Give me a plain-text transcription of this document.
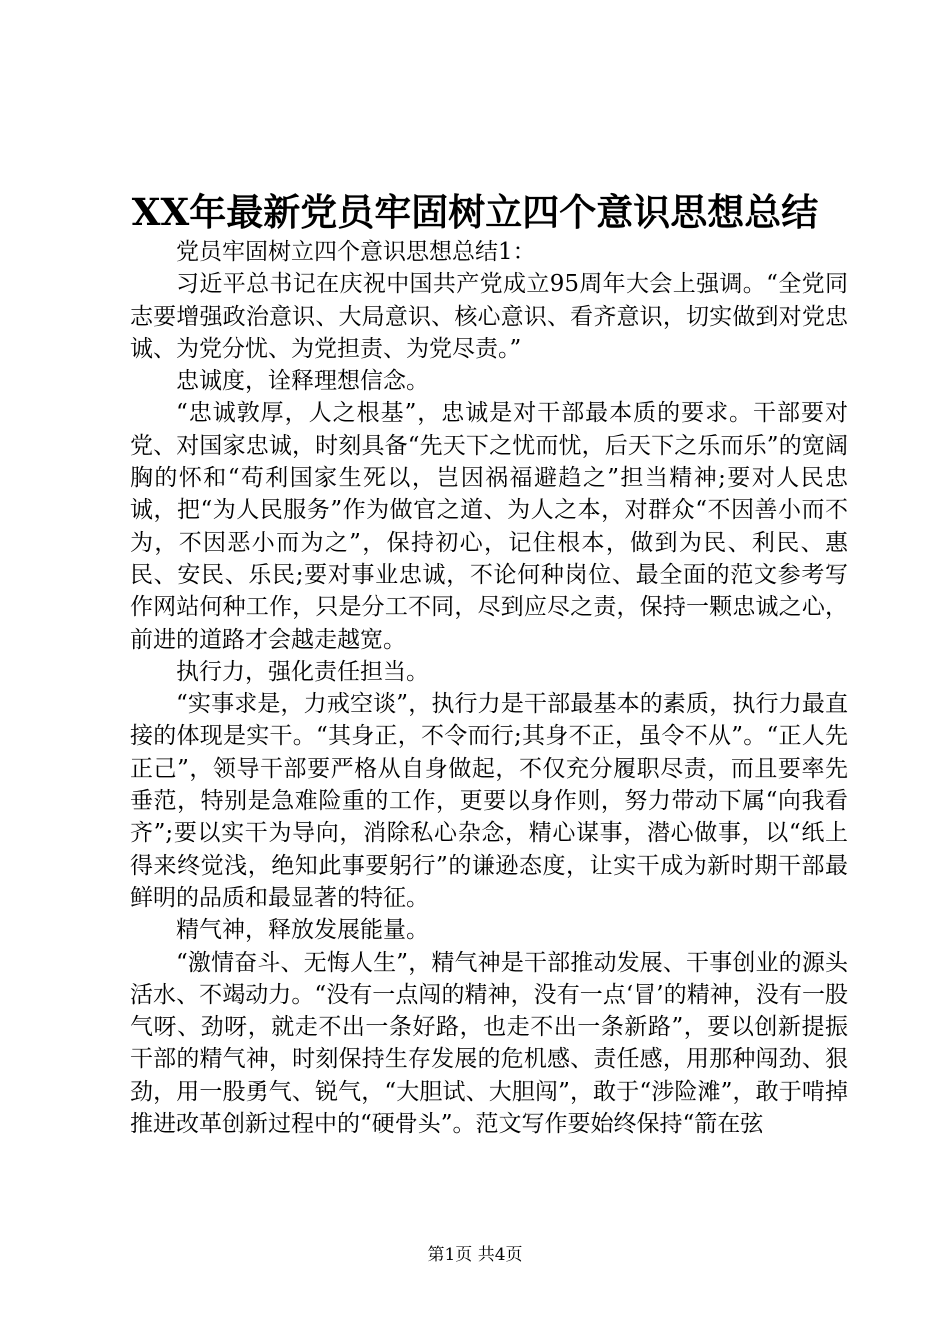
XX年最新党员牢固树立四个意识思想总结

党员牢固树立四个意识思想总结1：

习近平总书记在庆祝中国共产党成立95周年大会上强调。“全党同志要增强政治意识、大局意识、核心意识、看齐意识，切实做到对党忠诚、为党分忧、为党担责、为党尽责。”

忠诚度，诠释理想信念。

“忠诚敦厚，人之根基”，忠诚是对干部最本质的要求。干部要对党、对国家忠诚，时刻具备“先天下之忧而忧，后天下之乐而乐”的宽阔胸的怀和“苟利国家生死以，岂因祸福避趋之”担当精神;要对人民忠诚，把“为人民服务”作为做官之道、为人之本，对群众“不因善小而不为，不因恶小而为之”，保持初心，记住根本，做到为民、利民、惠民、安民、乐民;要对事业忠诚，不论何种岗位、最全面的范文参考写作网站何种工作，只是分工不同，尽到应尽之责，保持一颗忠诚之心，前进的道路才会越走越宽。

执行力，强化责任担当。

“实事求是，力戒空谈”，执行力是干部最基本的素质，执行力最直接的体现是实干。“其身正，不令而行;其身不正，虽令不从”。“正人先正己”，领导干部要严格从自身做起，不仅充分履职尽责，而且要率先垂范，特别是急难险重的工作，更要以身作则，努力带动下属“向我看齐”;要以实干为导向，消除私心杂念，精心谋事，潜心做事，以“纸上得来终觉浅，绝知此事要躬行”的谦逊态度，让实干成为新时期干部最鲜明的品质和最显著的特征。

精气神，释放发展能量。

“激情奋斗、无悔人生”，精气神是干部推动发展、干事创业的源头活水、不竭动力。“没有一点闯的精神，没有一点‘冒’的精神，没有一股气呀、劲呀，就走不出一条好路，也走不出一条新路”，要以创新提振干部的精气神，时刻保持生存发展的危机感、责任感，用那种闯劲、狠劲，用一股勇气、锐气，“大胆试、大胆闯”，敢于“涉险滩”，敢于啃掉推进改革创新过程中的“硬骨头”。范文写作要始终保持“箭在弦

第1页 共4页
